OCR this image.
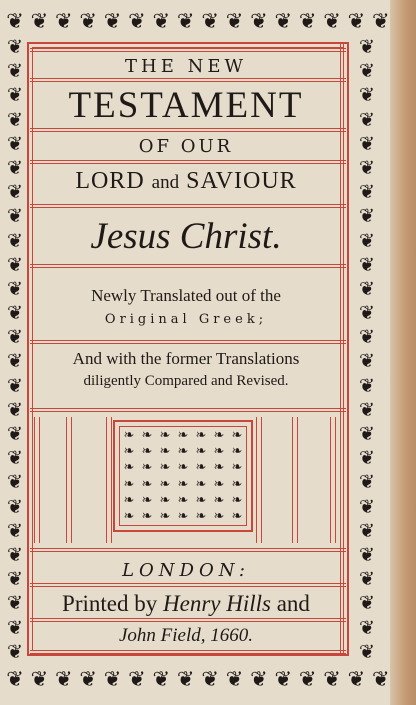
❦ ❦ ❦ ❦ ❦ ❦ ❦ ❦ ❦ ❦ ❦ ❦ ❦ ❦ ❦ ❦
❦ ❦ ❦ ❦ ❦ ❦ ❦ ❦ ❦ ❦ ❦ ❦ ❦ ❦ ❦ ❦
❦
❦
❦
❦
❦
❦
❦
❦
❦
❦
❦
❦
❦
❦
❦
❦
❦
❦
❦
❦
❦
❦
❦
❦
❦
❦
❦
❦
❦
❦
❦
❦
❦
❦
❦
❦
❦
❦
❦
❦
❦
❦
❦
❦
❦
❦
❦
❦
❦
❦
❦
❦
THE NEW
TESTAMENT
OF OUR
LORD and SAVIOUR
Jesus Christ.
Newly Translated out of the
Original Greek;
And with the former Translations
diligently Compared and Revised.
❧ ❧ ❧ ❧ ❧ ❧ ❧
❧ ❧ ❧ ❧ ❧ ❧ ❧
❧ ❧ ❧ ❧ ❧ ❧ ❧
❧ ❧ ❧ ❧ ❧ ❧ ❧
❧ ❧ ❧ ❧ ❧ ❧ ❧
❧ ❧ ❧ ❧ ❧ ❧ ❧
LONDON:
Printed by Henry Hills and
John Field, 1660.
